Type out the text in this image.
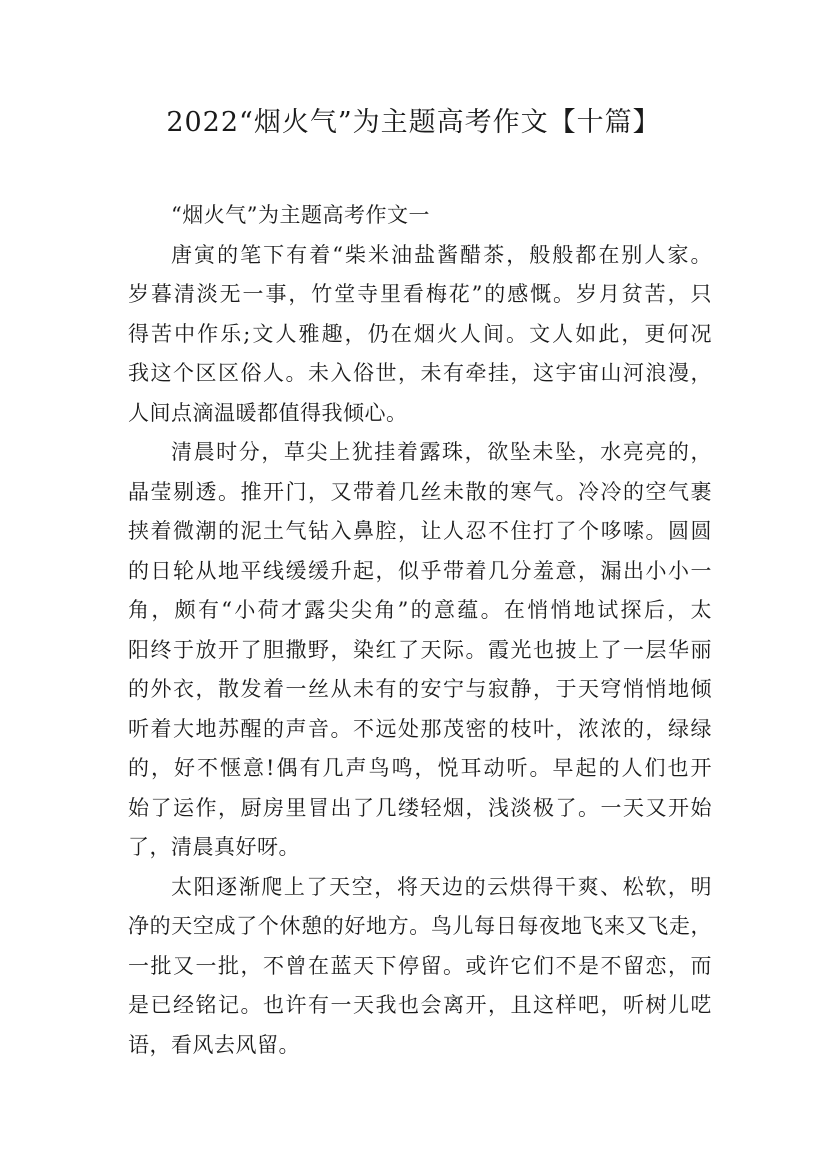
2022“烟火气”为主题高考作文【十篇】

“烟火气”为主题高考作文一

唐寅的笔下有着“柴米油盐酱醋茶，般般都在别人家。
岁暮清淡无一事，竹堂寺里看梅花”的感慨。岁月贫苦，只
得苦中作乐;文人雅趣，仍在烟火人间。文人如此，更何况
我这个区区俗人。未入俗世，未有牵挂，这宇宙山河浪漫，
人间点滴温暖都值得我倾心。

清晨时分，草尖上犹挂着露珠，欲坠未坠，水亮亮的，
晶莹剔透。推开门，又带着几丝未散的寒气。冷冷的空气裹
挟着微潮的泥土气钻入鼻腔，让人忍不住打了个哆嗦。圆圆
的日轮从地平线缓缓升起，似乎带着几分羞意，漏出小小一
角，颇有“小荷才露尖尖角”的意蕴。在悄悄地试探后，太
阳终于放开了胆撒野，染红了天际。霞光也披上了一层华丽
的外衣，散发着一丝从未有的安宁与寂静，于天穹悄悄地倾
听着大地苏醒的声音。不远处那茂密的枝叶，浓浓的，绿绿
的，好不惬意!偶有几声鸟鸣，悦耳动听。早起的人们也开
始了运作，厨房里冒出了几缕轻烟，浅淡极了。一天又开始
了，清晨真好呀。

太阳逐渐爬上了天空，将天边的云烘得干爽、松软，明
净的天空成了个休憩的好地方。鸟儿每日每夜地飞来又飞走，
一批又一批，不曾在蓝天下停留。或许它们不是不留恋，而
是已经铭记。也许有一天我也会离开，且这样吧，听树儿呓
语，看风去风留。
